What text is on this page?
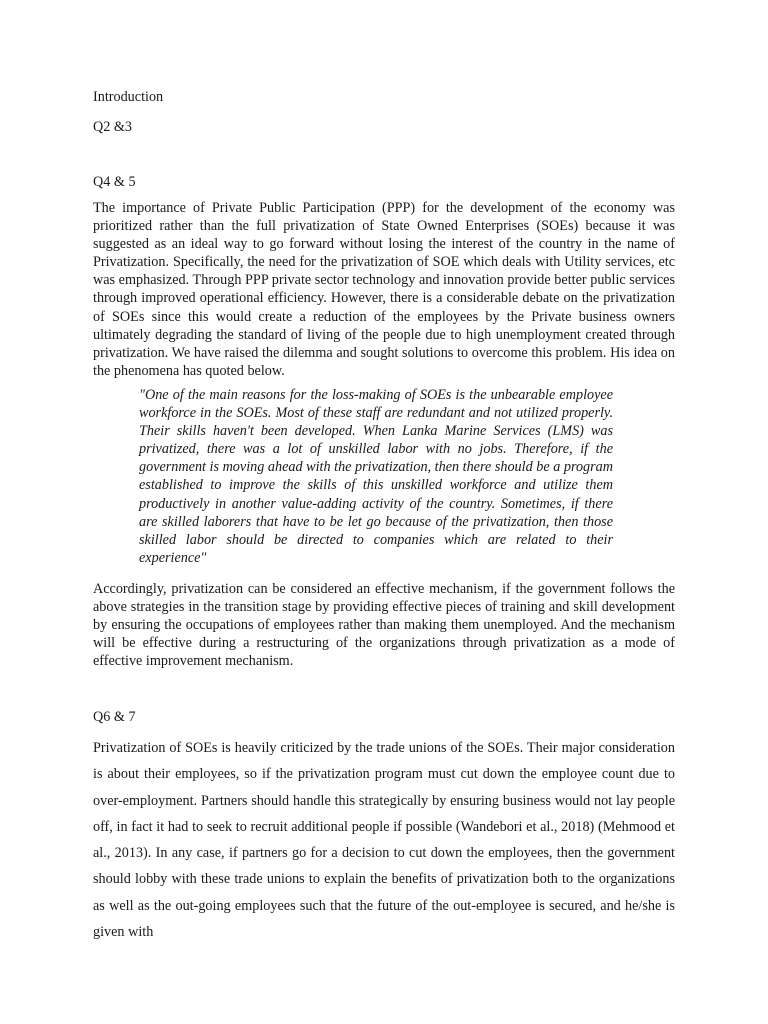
Introduction
Q2 &3
Q4 & 5

The importance of Private Public Participation (PPP) for the development of the economy was prioritized rather than the full privatization of State Owned Enterprises (SOEs) because it was suggested as an ideal way to go forward without losing the interest of the country in the name of Privatization. Specifically, the need for the privatization of SOE which deals with Utility services, etc was emphasized. Through PPP private sector technology and innovation provide better public services through improved operational efficiency. However, there is a considerable debate on the privatization of SOEs since this would create a reduction of the employees by the Private business owners ultimately degrading the standard of living of the people due to high unemployment created through privatization. We have raised the dilemma and sought solutions to overcome this problem. His idea on the phenomena has quoted below.

"One of the main reasons for the loss-making of SOEs is the unbearable employee workforce in the SOEs. Most of these staff are redundant and not utilized properly. Their skills haven't been developed. When Lanka Marine Services (LMS) was privatized, there was a lot of unskilled labor with no jobs. Therefore, if the government is moving ahead with the privatization, then there should be a program established to improve the skills of this unskilled workforce and utilize them productively in another value-adding activity of the country. Sometimes, if there are skilled laborers that have to be let go because of the privatization, then those skilled labor should be directed to companies which are related to their experience"

Accordingly, privatization can be considered an effective mechanism, if the government follows the above strategies in the transition stage by providing effective pieces of training and skill development by ensuring the occupations of employees rather than making them unemployed. And the mechanism will be effective during a restructuring of the organizations through privatization as a mode of effective improvement mechanism.

Q6 & 7

Privatization of SOEs is heavily criticized by the trade unions of the SOEs. Their major consideration is about their employees, so if the privatization program must cut down the employee count due to over-employment. Partners should handle this strategically by ensuring business would not lay people off, in fact it had to seek to recruit additional people if possible (Wandebori et al., 2018) (Mehmood et al., 2013). In any case, if partners go for a decision to cut down the employees, then the government should lobby with these trade unions to explain the benefits of privatization both to the organizations as well as the out-going employees such that the future of the out-employee is secured, and he/she is given with
